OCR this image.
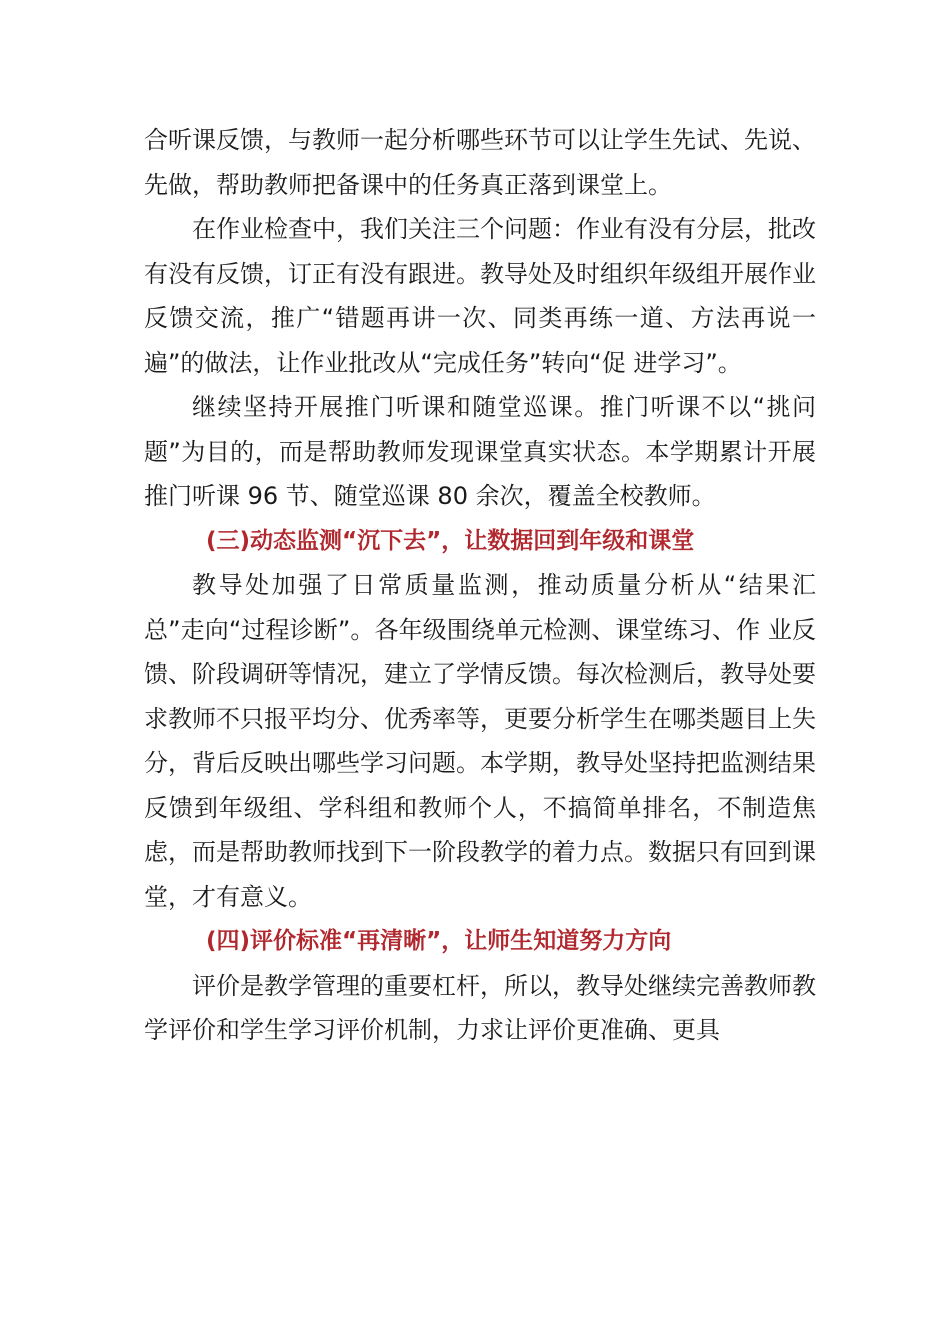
合听课反馈，与教师一起分析哪些环节可以让学生先试、先说、先做，帮助教师把备课中的任务真正落到课堂上。

在作业检查中，我们关注三个问题：作业有没有分层，批改有没有反馈，订正有没有跟进。教导处及时组织年级组开展作业反馈交流，推广“错题再讲一次、同类再练一道、方法再说一遍”的做法，让作业批改从“完成任务”转向“促 进学习”。

继续坚持开展推门听课和随堂巡课。推门听课不以“挑问题”为目的，而是帮助教师发现课堂真实状态。本学期累计开展推门听课 96 节、随堂巡课 80 余次，覆盖全校教师。

(三)动态监测“沉下去”，让数据回到年级和课堂

教导处加强了日常质量监测，推动质量分析从“结果汇总”走向“过程诊断”。各年级围绕单元检测、课堂练习、作 业反馈、阶段调研等情况，建立了学情反馈。每次检测后，教导处要求教师不只报平均分、优秀率等，更要分析学生在哪类题目上失分，背后反映出哪些学习问题。本学期，教导处坚持把监测结果反馈到年级组、学科组和教师个人，不搞简单排名，不制造焦虑，而是帮助教师找到下一阶段教学的着力点。数据只有回到课堂，才有意义。

(四)评价标准“再清晰”，让师生知道努力方向

评价是教学管理的重要杠杆，所以，教导处继续完善教师教学评价和学生学习评价机制，力求让评价更准确、更具
